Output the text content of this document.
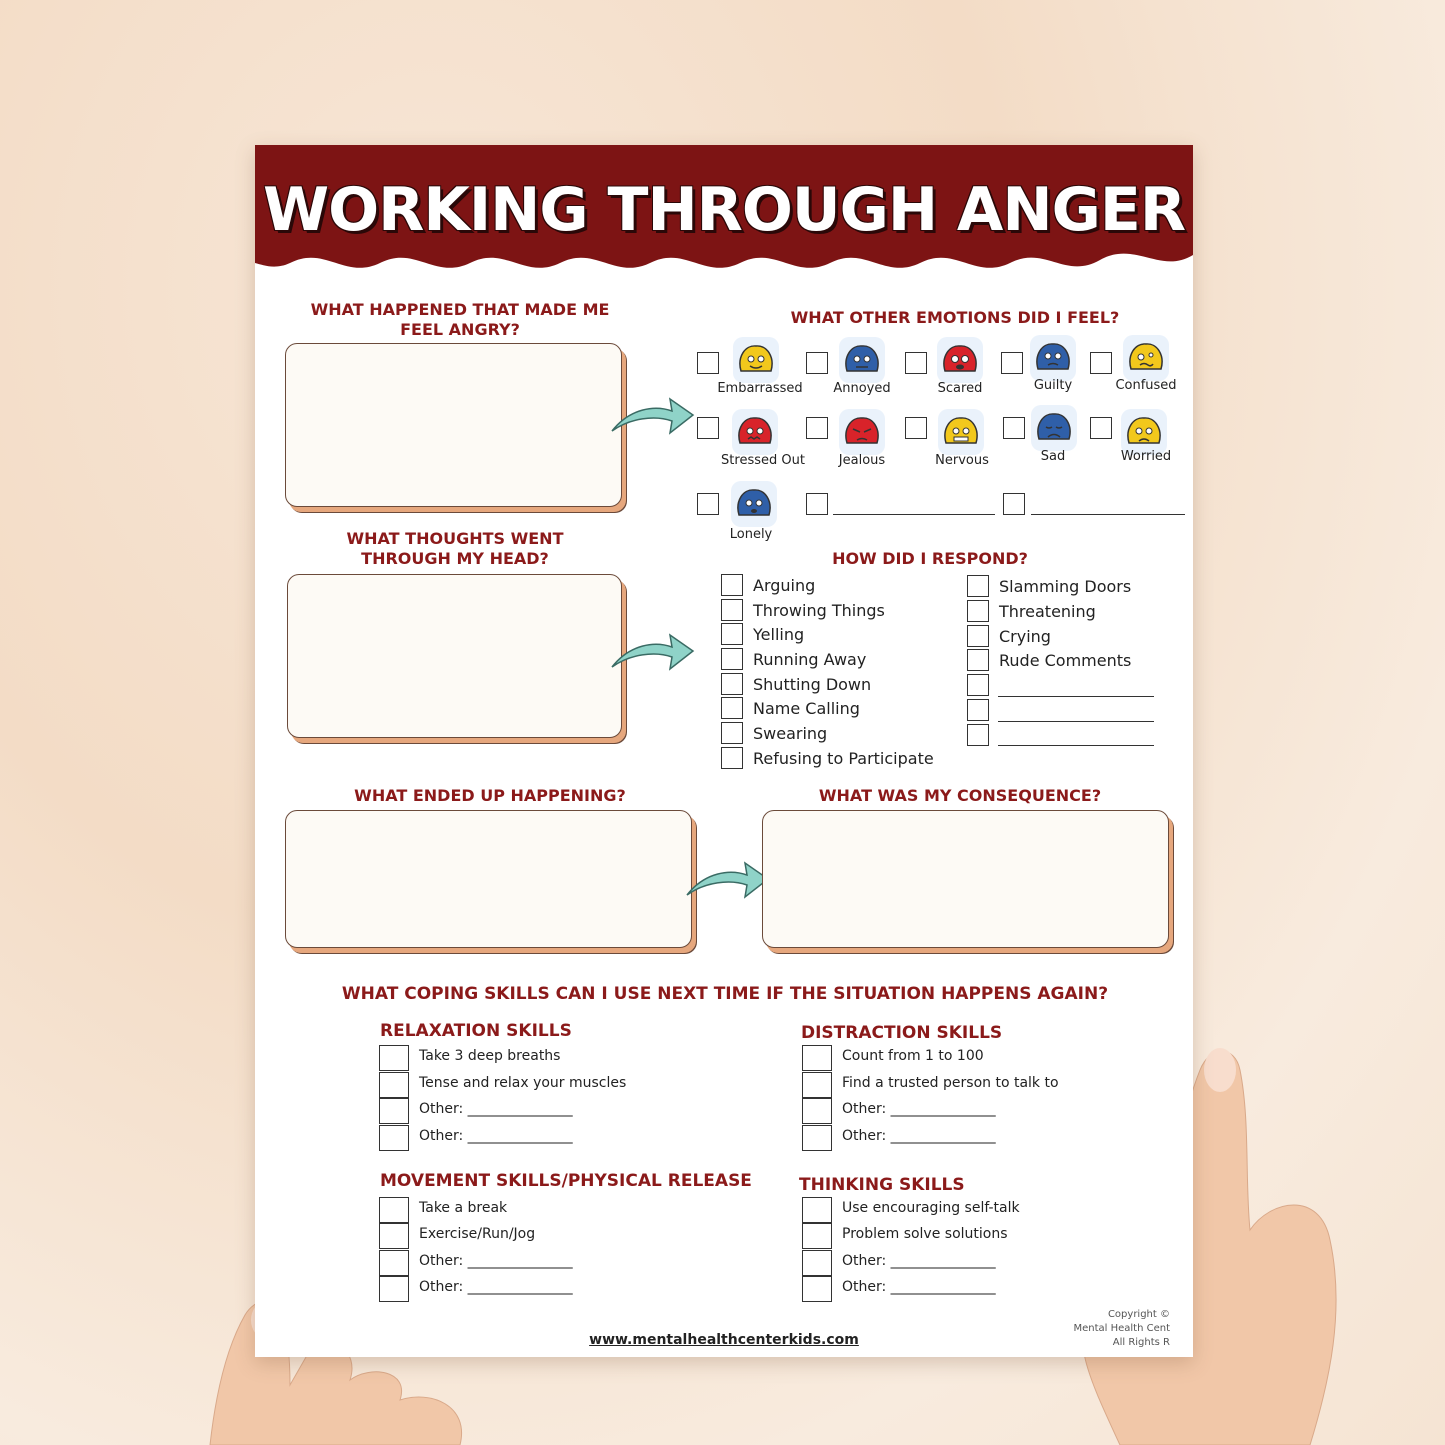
WORKING THROUGH ANGER
WHAT HAPPENED THAT MADE ME FEEL ANGRY?
WHAT OTHER EMOTIONS DID I FEEL?
Embarrassed	Annoyed	Scared	Guilty	Confused
Stressed Out	Jealous	Nervous	Sad	Worried
Lonely
WHAT THOUGHTS WENT THROUGH MY HEAD?	HOW DID I RESPOND?
Arguing
Throwing Things
Yelling
Running Away
Shutting Down
Name Calling
Swearing
Refusing to Participate
Slamming Doors
Threatening
Crying
Rude Comments
WHAT ENDED UP HAPPENING?	WHAT WAS MY CONSEQUENCE?
WHAT COPING SKILLS CAN I USE NEXT TIME IF THE SITUATION HAPPENS AGAIN?
RELAXATION SKILLS
Take 3 deep breaths
Tense and relax your muscles
Other: _______________
Other: _______________
DISTRACTION SKILLS
Count from 1 to 100
Find a trusted person to talk to
Other: _______________
Other: _______________
MOVEMENT SKILLS/PHYSICAL RELEASE
Take a break
Exercise/Run/Jog
Other: _______________
Other: _______________
THINKING SKILLS
Use encouraging self-talk
Problem solve solutions
Other: _______________
Other: _______________
Copyright ©
Mental Health Cent
All Rights R
www.mentalhealthcenterkids.com
